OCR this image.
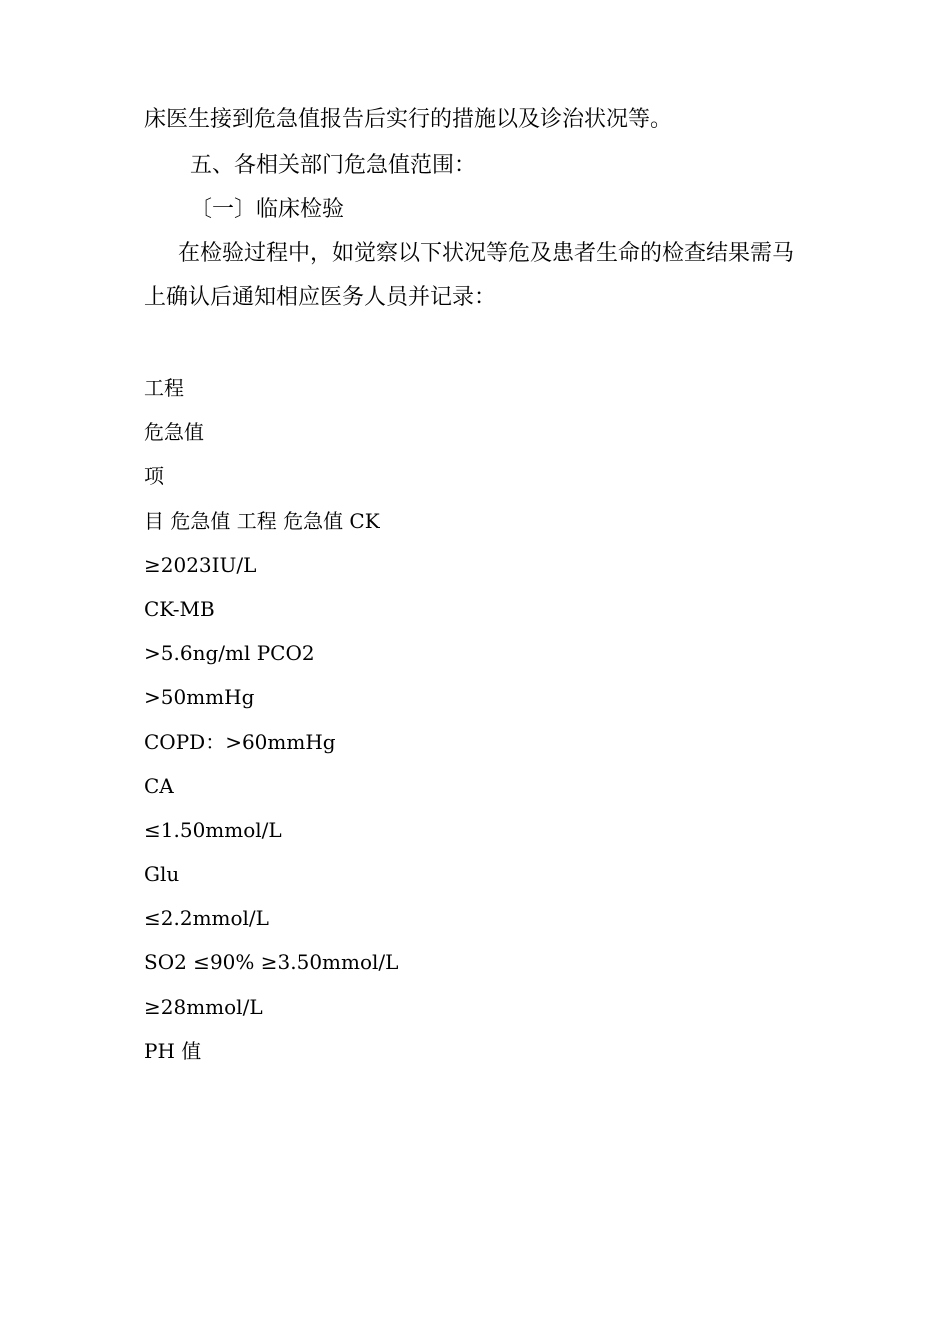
床医生接到危急值报告后实行的措施以及诊治状况等。
五、各相关部门危急值范围：
〔一〕临床检验
在检验过程中，如觉察以下状况等危及患者生命的检查结果需马
上确认后通知相应医务人员并记录：
工程
危急值
项
目 危急值 工程 危急值 CK
≥2023IU/L
CK-MB
>5.6ng/ml PCO2
>50mmHg
COPD：>60mmHg
CA
≤1.50mmol/L
Glu
≤2.2mmol/L
SO2 ≤90% ≥3.50mmol/L
≥28mmol/L
PH 值
